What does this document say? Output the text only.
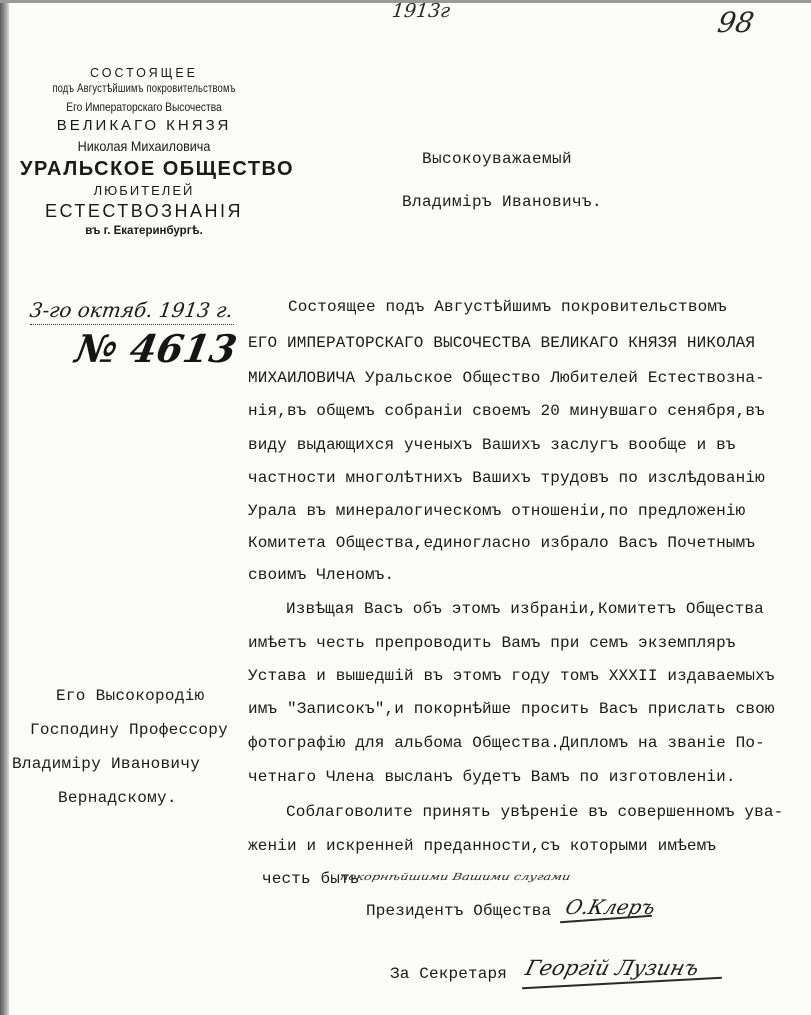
1913г	98
СОСТОЯЩЕЕ
подъ Августѣйшимъ покровительствомъ
Его Императорскаго Высочества
ВЕЛИКАГО КНЯЗЯ
Николая Михаиловича
УРАЛЬСКОЕ ОБЩЕСТВО
ЛЮБИТЕЛЕЙ
ЕСТЕСТВОЗНАНІЯ
въ г. Екатеринбургѣ.
3-го октяб. 1913 г.
№ 4613
Высокоуважаемый
Владиміръ Ивановичъ.
Состоящее подъ Августѣйшимъ покровительствомъ
ЕГО ИМПЕРАТОРСКАГО ВЫСОЧЕСТВА ВЕЛИКАГО КНЯЗЯ НИКОЛАЯ
МИХАИЛОВИЧА Уральское Общество Любителей Естествозна-
нія,въ общемъ собраніи своемъ 20 минувшаго сенября,въ
виду выдающихся ученыхъ Вашихъ заслугъ вообще и въ
частности многолѣтнихъ Вашихъ трудовъ по изслѣдованію
Урала въ минералогическомъ отношеніи,по предложенію
Комитета Общества,единогласно избрало Васъ Почетнымъ
своимъ Членомъ.
Извѣщая Васъ объ этомъ избраніи,Комитетъ Общества
имѣетъ честь препроводить Вамъ при семъ экземпляръ
Устава и вышедшій въ этомъ году томъ XXXII издаваемыхъ
имъ "Записокъ",и покорнѣйше просить Васъ прислать свою
фотографію для альбома Общества.Дипломъ на званіе По-
четнаго Члена высланъ будетъ Вамъ по изготовленіи.
Соблаговолите принять увѣреніе въ совершенномъ ува-
женіи и искренней преданности,съ которыми имѣемъ
честь быть
Его Высокородію
Господину Профессору
Владиміру Ивановичу
Вернадскому.
покорнѣйшими Вашими слугами
Президентъ Общества О.Клеръ
За Секретаря Георгій Лузинъ
